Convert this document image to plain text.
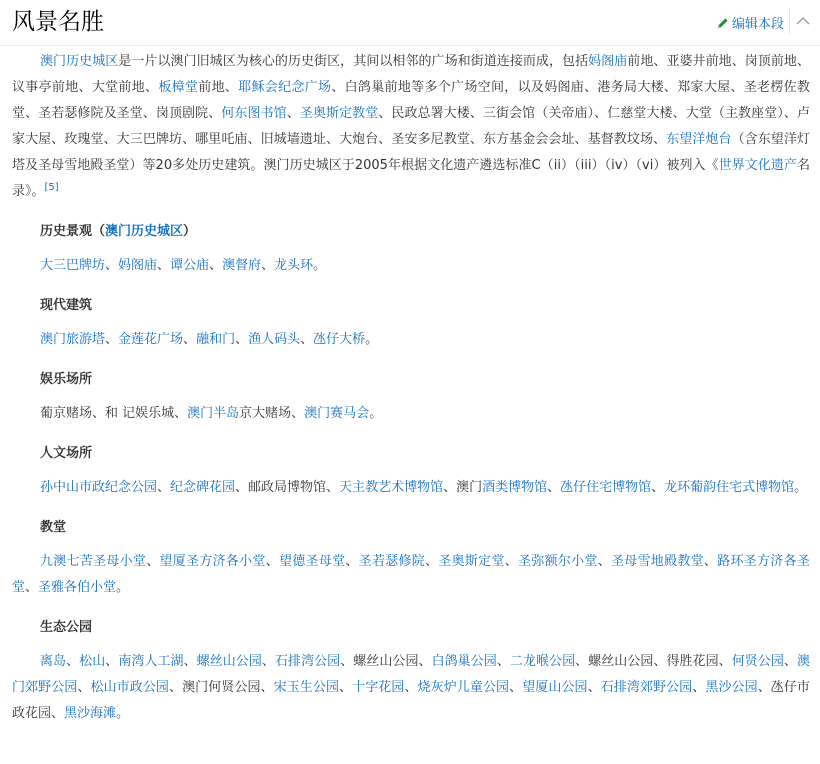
风景名胜	编辑本段

澳门历史城区是一片以澳门旧城区为核心的历史街区，其间以相邻的广场和街道连接而成，包括妈阁庙前地、亚婆井前地、岗顶前地、议事亭前地、大堂前地、板樟堂前地、耶稣会纪念广场、白鸽巢前地等多个广场空间，以及妈阁庙、港务局大楼、郑家大屋、圣老楞佐教堂、圣若瑟修院及圣堂、岗顶剧院、何东图书馆、圣奥斯定教堂、民政总署大楼、三街会馆（关帝庙）、仁慈堂大楼、大堂（主教座堂）、卢家大屋、玫瑰堂、大三巴牌坊、哪里吒庙、旧城墙遗址、大炮台、圣安多尼教堂、东方基金会会址、基督教坟场、东望洋炮台（含东望洋灯塔及圣母雪地殿圣堂）等20多处历史建筑。澳门历史城区于2005年根据文化遗产遴选标准C（ii）（iii）（iv）（vi）被列入《世界文化遗产名录》。[5]

历史景观（澳门历史城区）

大三巴牌坊、妈阁庙、谭公庙、澳督府、龙头环。

现代建筑

澳门旅游塔、金莲花广场、融和门、渔人码头、氹仔大桥。

娱乐场所

葡京赌场、和 记娱乐城、澳门半岛京大赌场、澳门赛马会。

人文场所

孙中山市政纪念公园、纪念碑花园、邮政局博物馆、天主教艺术博物馆、澳门酒类博物馆、氹仔住宅博物馆、龙环葡韵住宅式博物馆。

教堂

九澳七苦圣母小堂、望厦圣方济各小堂、望德圣母堂、圣若瑟修院、圣奥斯定堂、圣弥额尔小堂、圣母雪地殿教堂、路环圣方济各圣堂、圣雅各伯小堂。

生态公园

离岛、松山、南湾人工湖、螺丝山公园、石排湾公园、螺丝山公园、白鸽巢公园、二龙喉公园、螺丝山公园、得胜花园、何贤公园、澳门郊野公园、松山市政公园、澳门何贤公园、宋玉生公园、十字花园、烧灰炉儿童公园、望厦山公园、石排湾郊野公园、黑沙公园、氹仔市政花园、黑沙海滩。
